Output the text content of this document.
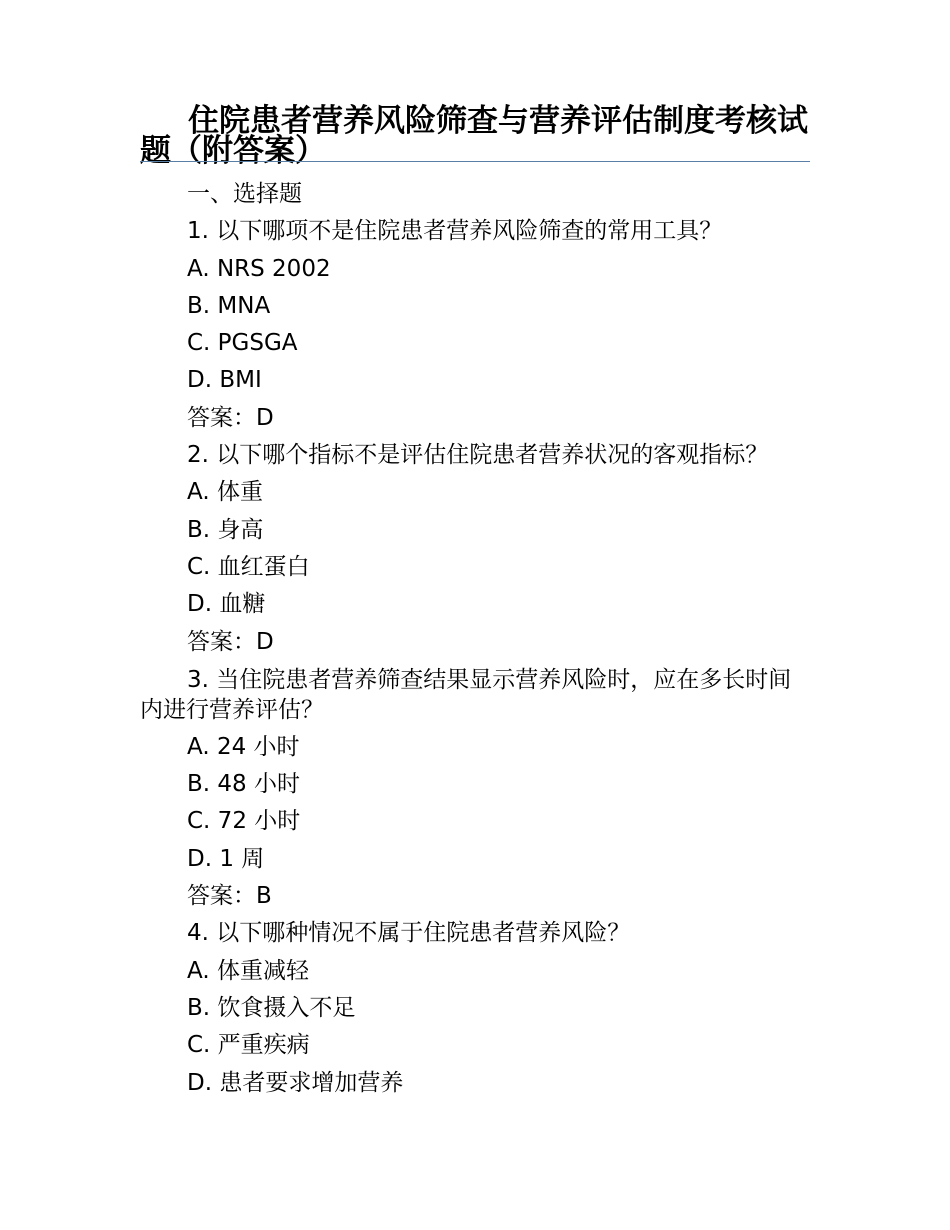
住院患者营养风险筛查与营养评估制度考核试题（附答案）

一、选择题

1. 以下哪项不是住院患者营养风险筛查的常用工具？

A. NRS 2002

B. MNA

C. PGSGA

D. BMI

答案：D

2. 以下哪个指标不是评估住院患者营养状况的客观指标？

A. 体重

B. 身高

C. 血红蛋白

D. 血糖

答案：D

3. 当住院患者营养筛查结果显示营养风险时，应在多长时间内进行营养评估？

A. 24 小时

B. 48 小时

C. 72 小时

D. 1 周

答案：B

4. 以下哪种情况不属于住院患者营养风险？

A. 体重减轻

B. 饮食摄入不足

C. 严重疾病

D. 患者要求增加营养
